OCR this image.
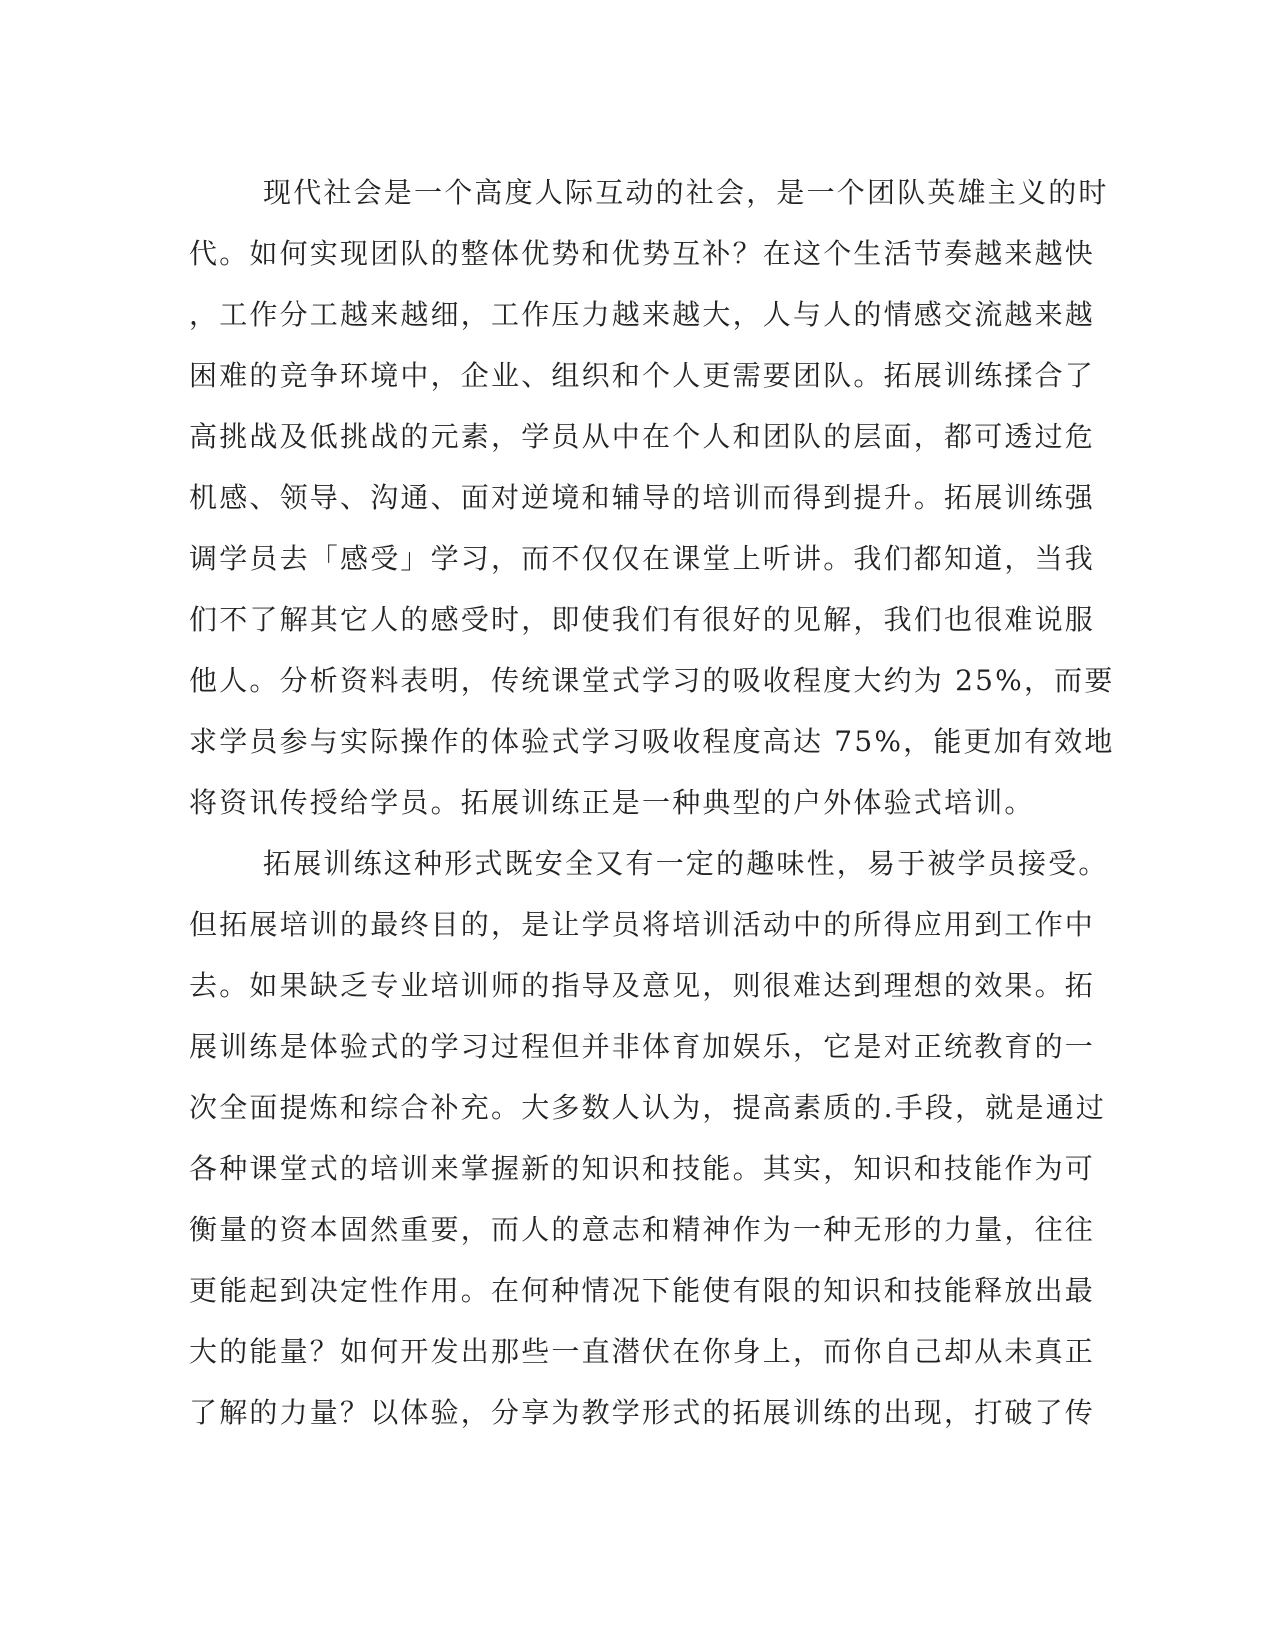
现代社会是一个高度人际互动的社会，是一个团队英雄主义的时
代。如何实现团队的整体优势和优势互补？在这个生活节奏越来越快
，工作分工越来越细，工作压力越来越大，人与人的情感交流越来越
困难的竞争环境中，企业、组织和个人更需要团队。拓展训练揉合了
高挑战及低挑战的元素，学员从中在个人和团队的层面，都可透过危
机感、领导、沟通、面对逆境和辅导的培训而得到提升。拓展训练强
调学员去「感受」学习，而不仅仅在课堂上听讲。我们都知道，当我
们不了解其它人的感受时，即使我们有很好的见解，我们也很难说服
他人。分析资料表明，传统课堂式学习的吸收程度大约为 25%，而要
求学员参与实际操作的体验式学习吸收程度高达 75%，能更加有效地
将资讯传授给学员。拓展训练正是一种典型的户外体验式培训。
拓展训练这种形式既安全又有一定的趣味性，易于被学员接受。
但拓展培训的最终目的，是让学员将培训活动中的所得应用到工作中
去。如果缺乏专业培训师的指导及意见，则很难达到理想的效果。拓
展训练是体验式的学习过程但并非体育加娱乐，它是对正统教育的一
次全面提炼和综合补充。大多数人认为，提高素质的.手段，就是通过
各种课堂式的培训来掌握新的知识和技能。其实，知识和技能作为可
衡量的资本固然重要，而人的意志和精神作为一种无形的力量，往往
更能起到决定性作用。在何种情况下能使有限的知识和技能释放出最
大的能量？如何开发出那些一直潜伏在你身上，而你自己却从未真正
了解的力量？以体验，分享为教学形式的拓展训练的出现，打破了传
